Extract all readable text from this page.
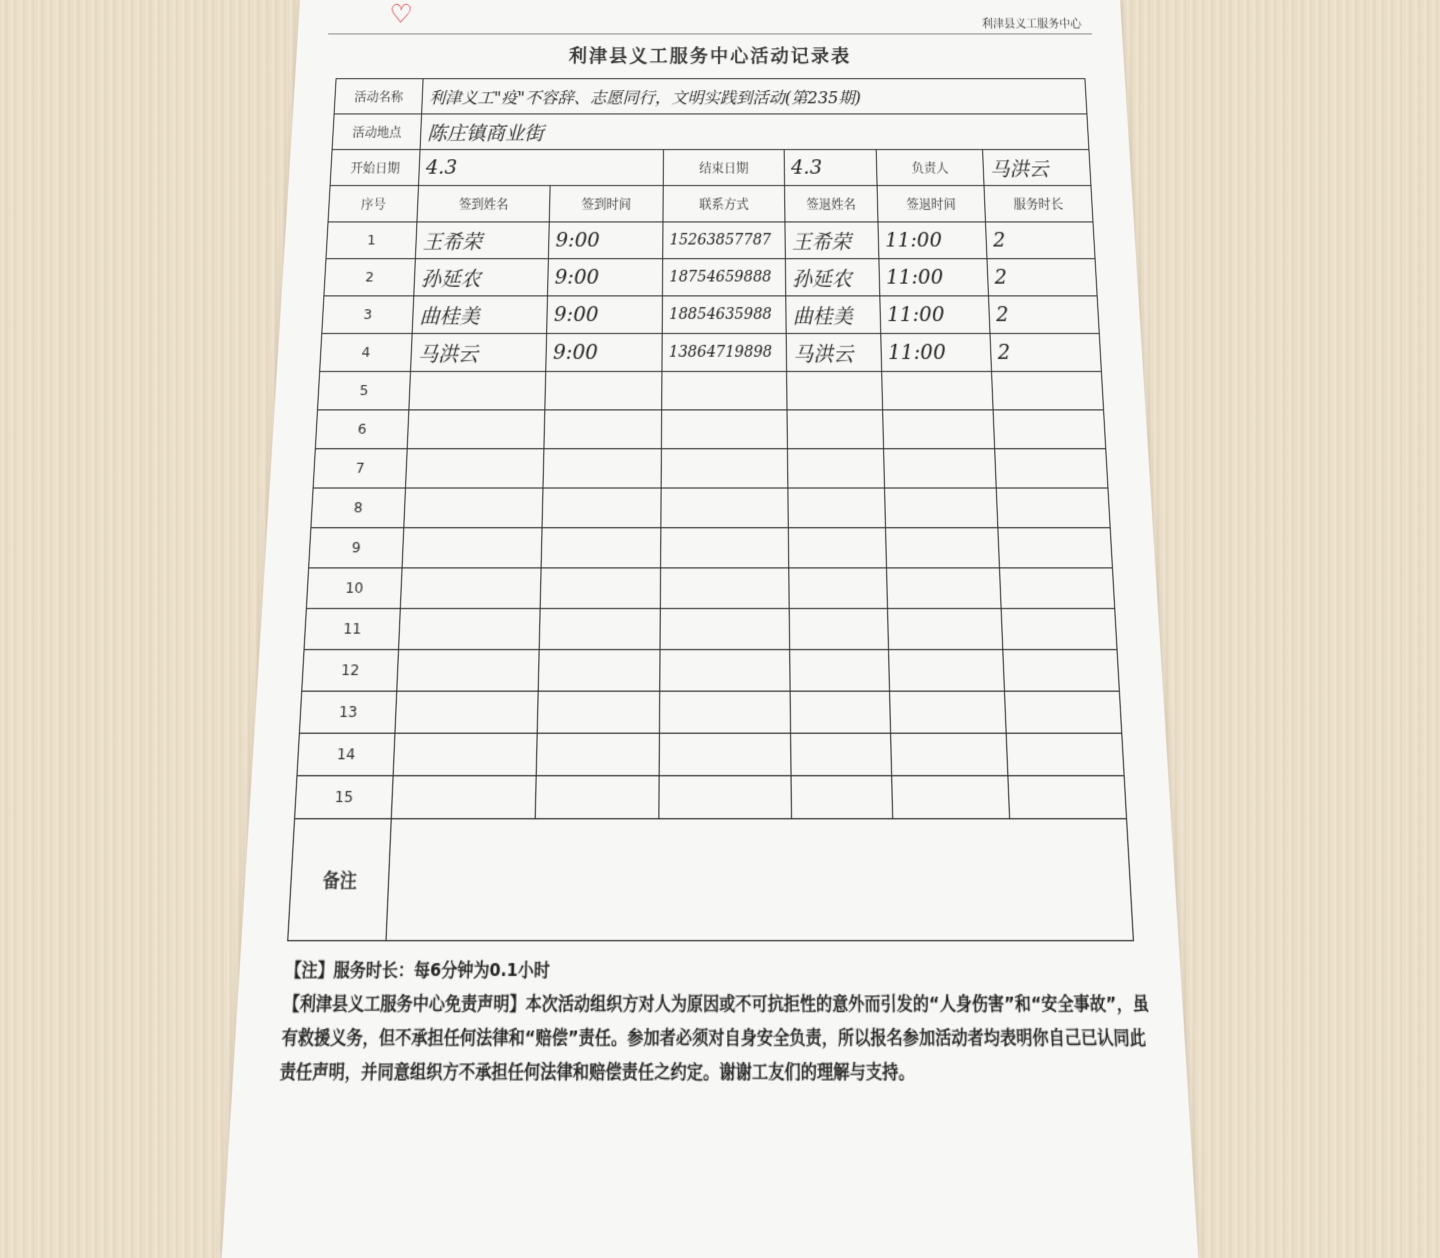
♡	利津县义工服务中心
利津县义工服务中心活动记录表
活动名称	利津义工"疫"不容辞、志愿同行，文明实践到活动(第235期)					
活动地点	陈庄镇商业街					
开始日期	4.3		结束日期	4.3	负责人	马洪云
序号	签到姓名	签到时间	联系方式	签退姓名	签退时间	服务时长
1	王希荣	9:00	15263857787	王希荣	11:00	2
2	孙延农	9:00	18754659888	孙延农	11:00	2
3	曲桂美	9:00	18854635988	曲桂美	11:00	2
4	马洪云	9:00	13864719898	马洪云	11:00	2
5						
6						
7						
8						
9						
10						
11						
12						
13						
14						
15						
备注						

【注】服务时长：每6分钟为0.1小时

【利津县义工服务中心免责声明】本次活动组织方对人为原因或不可抗拒性的意外而引发的“人身伤害”和“安全事故”，虽有救援义务，但不承担任何法律和“赔偿”责任。参加者必须对自身安全负责，所以报名参加活动者均表明你自己已认同此责任声明，并同意组织方不承担任何法律和赔偿责任之约定。谢谢工友们的理解与支持。
